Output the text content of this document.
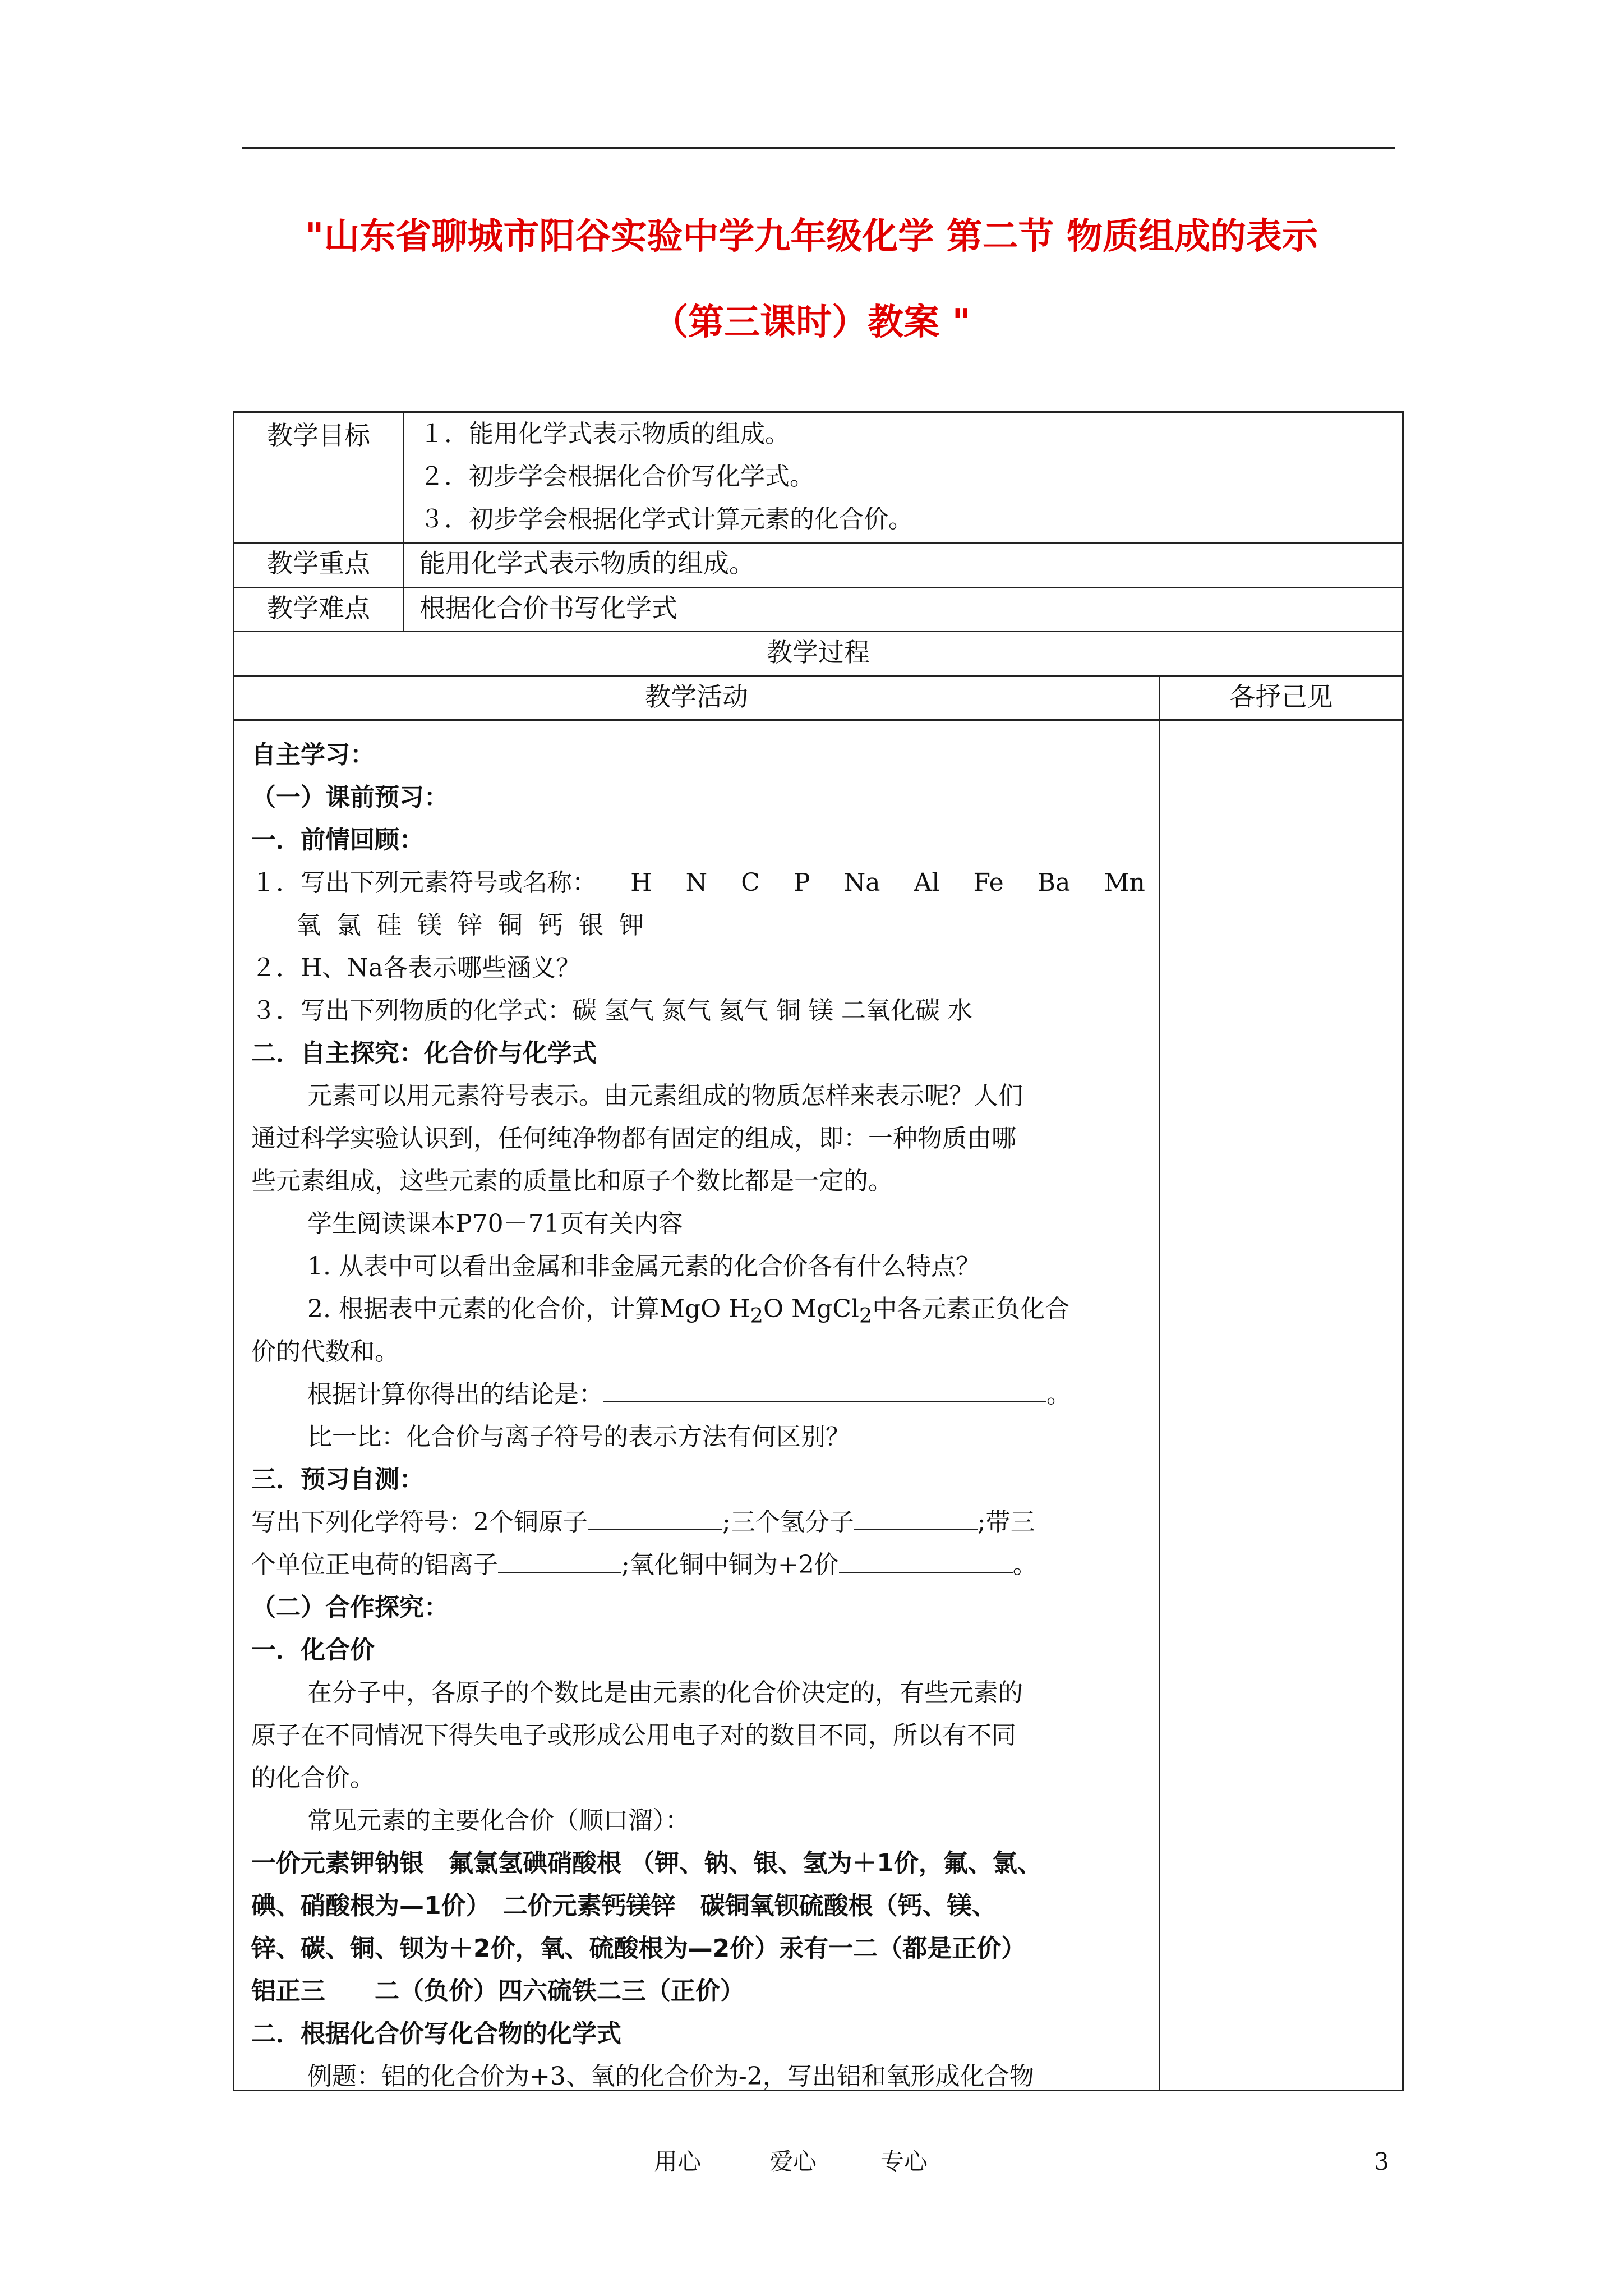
"山东省聊城市阳谷实验中学九年级化学 第二节 物质组成的表示
（第三课时）教案 "
教学目标	１．能用化学式表示物质的组成。
２．初步学会根据化合价写化学式。
３．初步学会根据化学式计算元素的化合价。
教学重点	能用化学式表示物质的组成。
教学难点	根据化合价书写化学式
教学过程
教学活动	各抒己见
自主学习：
（一）课前预习：
一．前情回顾：
１．写出下列元素符号或名称： H N C P Na Al Fe Ba Mn
氧 氯 硅 镁 锌 铜 钙 银 钾
２．H、Na各表示哪些涵义？
３．写出下列物质的化学式：碳 氢气 氮气 氦气 铜 镁 二氧化碳 水
二．自主探究：化合价与化学式
元素可以用元素符号表示。由元素组成的物质怎样来表示呢？人们
通过科学实验认识到，任何纯净物都有固定的组成，即：一种物质由哪
些元素组成，这些元素的质量比和原子个数比都是一定的。
学生阅读课本P70－71页有关内容
1. 从表中可以看出金属和非金属元素的化合价各有什么特点？
2. 根据表中元素的化合价，计算MgO $H_2O$ MgCl$_2$中各元素正负化合
价的代数和。
根据计算你得出的结论是：	。
比一比：化合价与离子符号的表示方法有何区别？
三．预习自测：
写出下列化学符号：2个铜原子	;三个氢分子	;带三
个单位正电荷的铝离子	;氧化铜中铜为+2价	。
（二）合作探究：
一．化合价
在分子中，各原子的个数比是由元素的化合价决定的，有些元素的
原子在不同情况下得失电子或形成公用电子对的数目不同，所以有不同
的化合价。
常见元素的主要化合价（顺口溜）：
一价元素钾钠银　氟氯氢碘硝酸根 （钾、钠、银、氢为＋1价，氟、氯、
碘、硝酸根为—1价）　二价元素钙镁锌　碳铜氧钡硫酸根（钙、镁、
锌、碳、铜、钡为＋2价，氧、硫酸根为—2价）汞有一二（都是正价）
铝正三　　二（负价）四六硫铁二三（正价）
二．根据化合价写化合物的化学式
例题：铝的化合价为+3、氧的化合价为-2，写出铝和氧形成化合物
用心	爱心	专心	3
